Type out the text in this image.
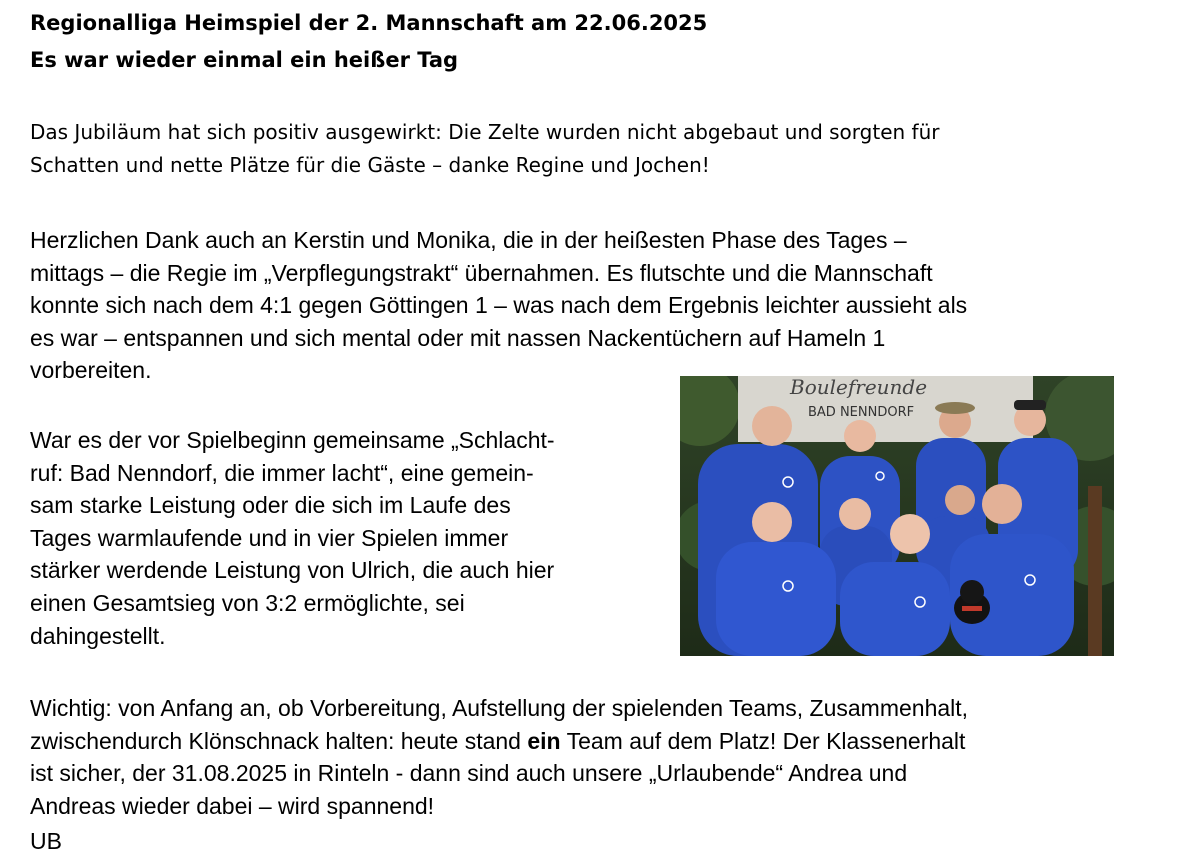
Regionalliga Heimspiel der 2. Mannschaft am 22.06.2025
Es war wieder einmal ein heißer Tag
Das Jubiläum hat sich positiv ausgewirkt: Die Zelte wurden nicht abgebaut und sorgten für
Schatten und nette Plätze für die Gäste – danke Regine und Jochen!
Herzlichen Dank auch an Kerstin und Monika, die in der heißesten Phase des Tages –
mittags – die Regie im „Verpflegungstrakt“ übernahmen. Es flutschte und die Mannschaft
konnte sich nach dem 4:1 gegen Göttingen 1 – was nach dem Ergebnis leichter aussieht als
es war – entspannen und sich mental oder mit nassen Nackentüchern auf Hameln 1
vorbereiten.
War es der vor Spielbeginn gemeinsame „Schlacht-
ruf: Bad Nenndorf, die immer lacht“, eine gemein-
sam starke Leistung oder die sich im Laufe des
Tages warmlaufende und in vier Spielen immer
stärker werdende Leistung von Ulrich, die auch hier
einen Gesamtsieg von 3:2 ermöglichte, sei
dahingestellt.
Boulefreunde
BAD NENNDORF
Wichtig: von Anfang an, ob Vorbereitung, Aufstellung der spielenden Teams, Zusammenhalt,
zwischendurch Klönschnack halten: heute stand ein Team auf dem Platz! Der Klassenerhalt
ist sicher, der 31.08.2025 in Rinteln - dann sind auch unsere „Urlaubende“ Andrea und
Andreas wieder dabei – wird spannend!
UB
